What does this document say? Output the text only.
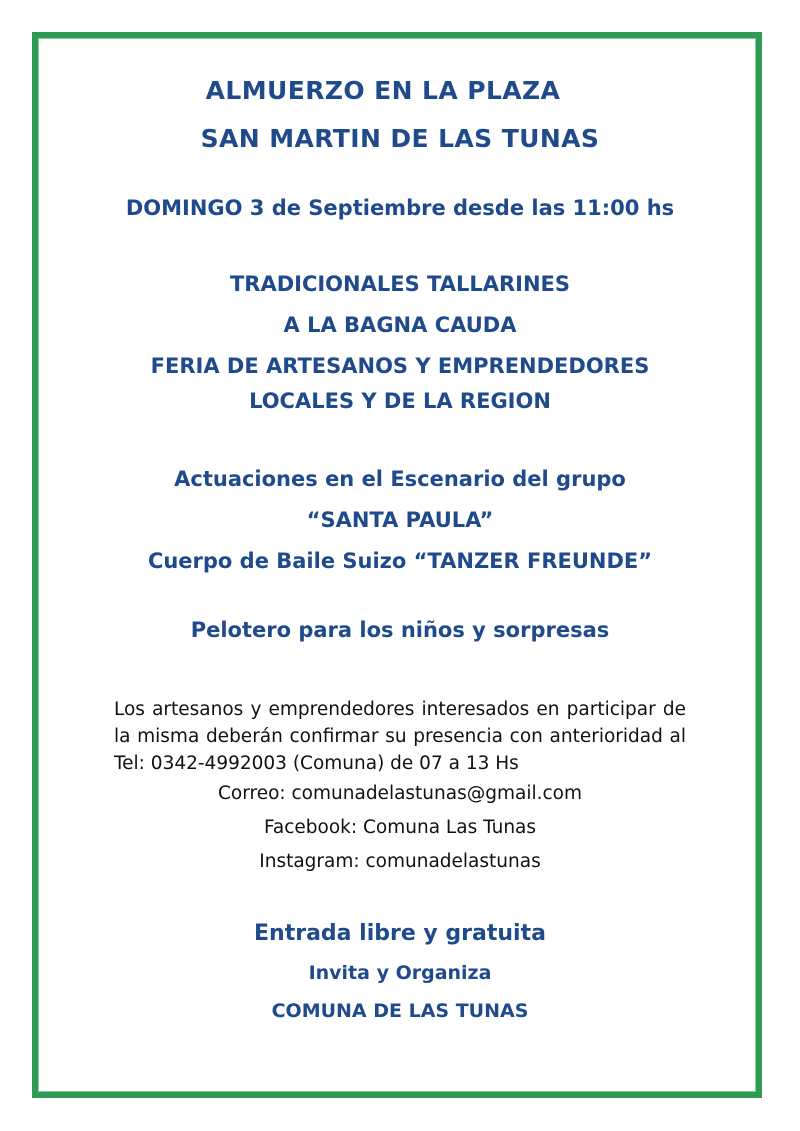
ALMUERZO EN LA PLAZA
SAN MARTIN DE LAS TUNAS
DOMINGO 3 de Septiembre desde las 11:00 hs
TRADICIONALES TALLARINES
A LA BAGNA CAUDA
FERIA DE ARTESANOS Y EMPRENDEDORES
LOCALES Y DE LA REGION
Actuaciones en el Escenario del grupo
“SANTA PAULA”
Cuerpo de Baile Suizo “TANZER FREUNDE”
Pelotero para los niños y sorpresas
Los artesanos y emprendedores interesados en participar de la misma deberán confirmar su presencia con anterioridad al Tel: 0342-4992003 (Comuna) de 07 a 13 Hs
Correo: comunadelastunas@gmail.com
Facebook: Comuna Las Tunas
Instagram: comunadelastunas
Entrada libre y gratuita
Invita y Organiza
COMUNA DE LAS TUNAS
